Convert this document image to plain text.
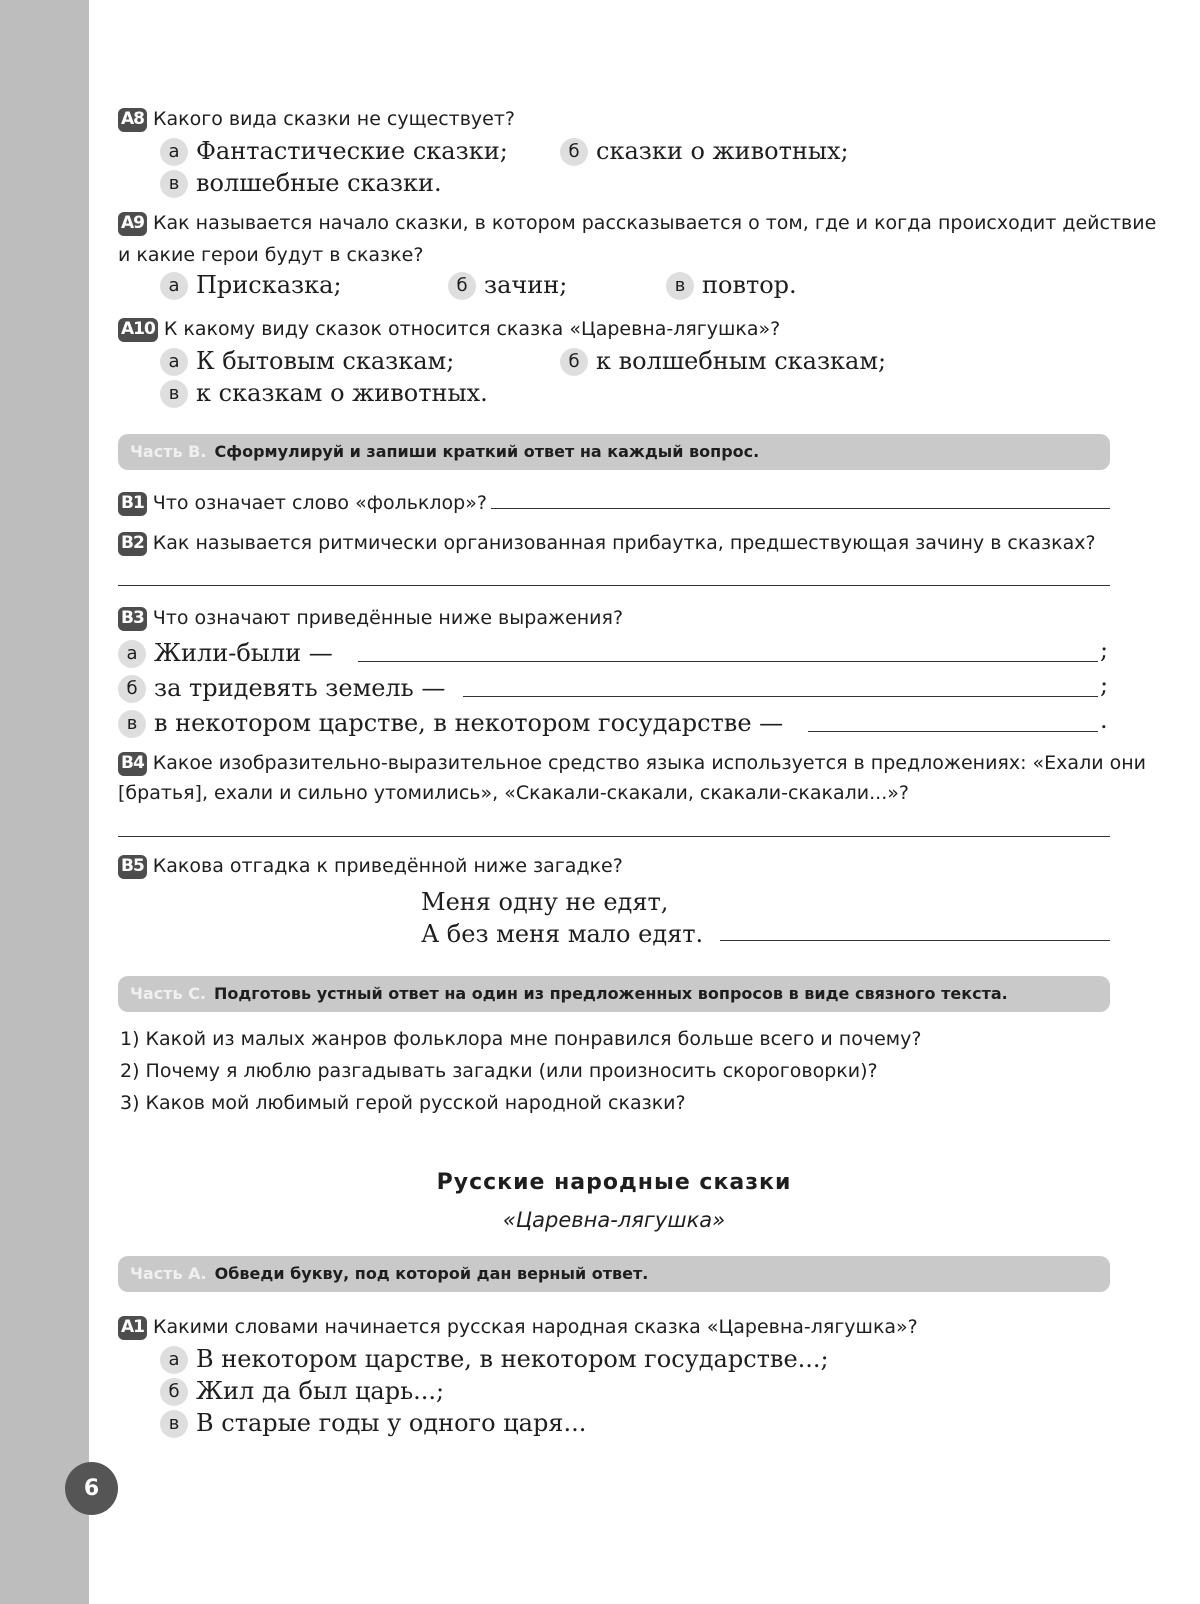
6
A8 Какого вида сказки не существует?
а Фантастические сказки;	б сказки о животных;
в волшебные сказки.
A9 Как называется начало сказки, в котором рассказывается о том, где и когда происходит действие
и какие герои будут в сказке?
а Присказка;	б зачин;	в повтор.
A10 К какому виду сказок относится сказка «Царевна-лягушка»?
а К бытовым сказкам;	б к волшебным сказкам;
в к сказкам о животных.
Часть В. Сформулируй и запиши краткий ответ на каждый вопрос.
B1 Что означает слово «фольклор»?
B2 Как называется ритмически организованная прибаутка, предшествующая зачину в сказках?
B3 Что означают приведённые ниже выражения?
а Жили-были —	;
б за тридевять земель —	;
в в некотором царстве, в некотором государстве —	.
B4 Какое изобразительно-выразительное средство языка используется в предложениях: «Ехали они
[братья], ехали и сильно утомились», «Скакали-скакали, скакали-скакали...»?
B5 Какова отгадка к приведённой ниже загадке?
Меня одну не едят,
А без меня мало едят.
Часть С. Подготовь устный ответ на один из предложенных вопросов в виде связного текста.
1) Какой из малых жанров фольклора мне понравился больше всего и почему?
2) Почему я люблю разгадывать загадки (или произносить скороговорки)?
3) Каков мой любимый герой русской народной сказки?
Русские народные сказки
«Царевна-лягушка»
Часть А. Обведи букву, под которой дан верный ответ.
A1 Какими словами начинается русская народная сказка «Царевна-лягушка»?
а В некотором царстве, в некотором государстве...;
б Жил да был царь...;
в В старые годы у одного царя...
